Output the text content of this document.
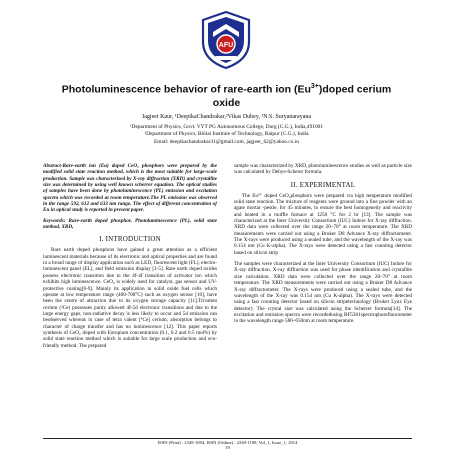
AFU
Photoluminescence behavior of rare-earth ion $(Eu^{3+})doped$ cerium
oxide
Jagjeet Kaur, ¹DeepikaChandrakar,²Vikas Dubey, ¹N.S. Suryanarayana
¹Department of Physics, Govt. VYT PG Autonomous College, Durg (C.G.), India,491001
²Department of Physics, Bhilai Institute of Technology, Raipur (C.G.), India
Email: deepikachandrakar31@gmail.com, jagjeet_62@yahoo.co.in

Abstract-Rare-earth ion (Eu) doped CeO₂ phosphors were prepared by the modified solid state reaction method, which is the most suitable for large-scale production. Sample was characterized by X-ray diffraction (XRD) and crystallite size was determined by using well known scherrer equation. The optical studies of samples have been done by photoluminescence (PL) emission and excitation spectra which was recorded at room temperature.The PL emission was observed in the range 592, 612 and 633 nm range. The effect of different concentration of Eu in optical study is reported in present paper.

Keywords: Rare-earth doped phosphor, Photoluminescence (PL), solid state method, XRD,

I. INTRODUCTION

Rare earth doped phosphors have gained a great attention as a efficient luminescent materials because of its electronic and optical properties and are found in a broad range of display application such as LED, fluorescent light (FL), electro-luminescent panel (EL), and field emission display [1-5]. Rare earth doped oxides possess electronic transition due to the 4f-4f transition of activator ion which exhibits high luminescence. CeO₂ is widely used for catalyst, gas sensor and UV-protective coating[6-9]. Mainly its application in solid oxide fuel cells which operate at low temperature range (400-700°C) such as oxygen sensor [10], have been the centre of attraction due to its oxygen storage capacity [11].Trivalent cerium (³Ce) possesses parity allowed 4f-5d electronic transitions and due to the large energy gaps, non-radiative decay is less likely to occur and 5d emission can beobserved whereas in case of tetra valent [⁴Ce] cerium, absorption belongs to character of charge transfer and has no luminescence [12]. This paper reports synthesis of CeO₂ doped with Europium concentration (0.1, 0.2 and 0.5 mol%) by solid state reaction method which is suitable for large scale production and eco-friendly method. The prepared

sample was characterized by XRD, photoluminescence studies as well as particle size was calculated by Debye-Scherer formula.

II. EXPERIMENTAL

The Eu³⁺ doped CeO₂phosphors were prepared via high temperature modified solid state reaction. The mixture of reagents were ground into a fine powder with an agate mortar -pestle, for 45 minutes, to ensure the best homogeneity and reactivity and heated in a muffle furnace at 1250 °C for 2 hr [13]. The sample was characterized at the Inter University Consortium (IUC) Indore for X-ray diffraction. XRD data were collected over the range 20–70° at room temperature. The XRD measurements were carried out using a Bruker D8 Advance X-ray diffractometer. The X-rays were produced using a sealed tube, and the wavelength of the X-ray was 0.154 nm (Cu K-alpha). The X-rays were detected using a fast counting detector based on silicon strip

The samples were characterized at the Inter University Consortium (IUC) Indore for X-ray diffraction. X-ray diffraction was used for phase identification and crystallite size calculation. XRD data were collected over the range 20–70° at room temperature. The XRD measurements were carried out using a Bruker D8 Advance X-ray diffractometer. The X-rays were produced using a sealed tube, and the wavelength of the X-ray was 0.154 nm (Cu K-alpha). The X-rays were detected using a fast counting detector based on silicon stripetechnology (Bruker Lynx Eye detector). The crystal size was calculated using the Scherrer formula[14]. The excitation and emission spectra were recordedusing RF5301spectrophotofluorometer in the wavelength range 580–650nm at room temperature.

ISSN (Print) : 2349-1094, ISSN (Online) : 2349-1108, Vol_1, Issue_1, 2014
19
